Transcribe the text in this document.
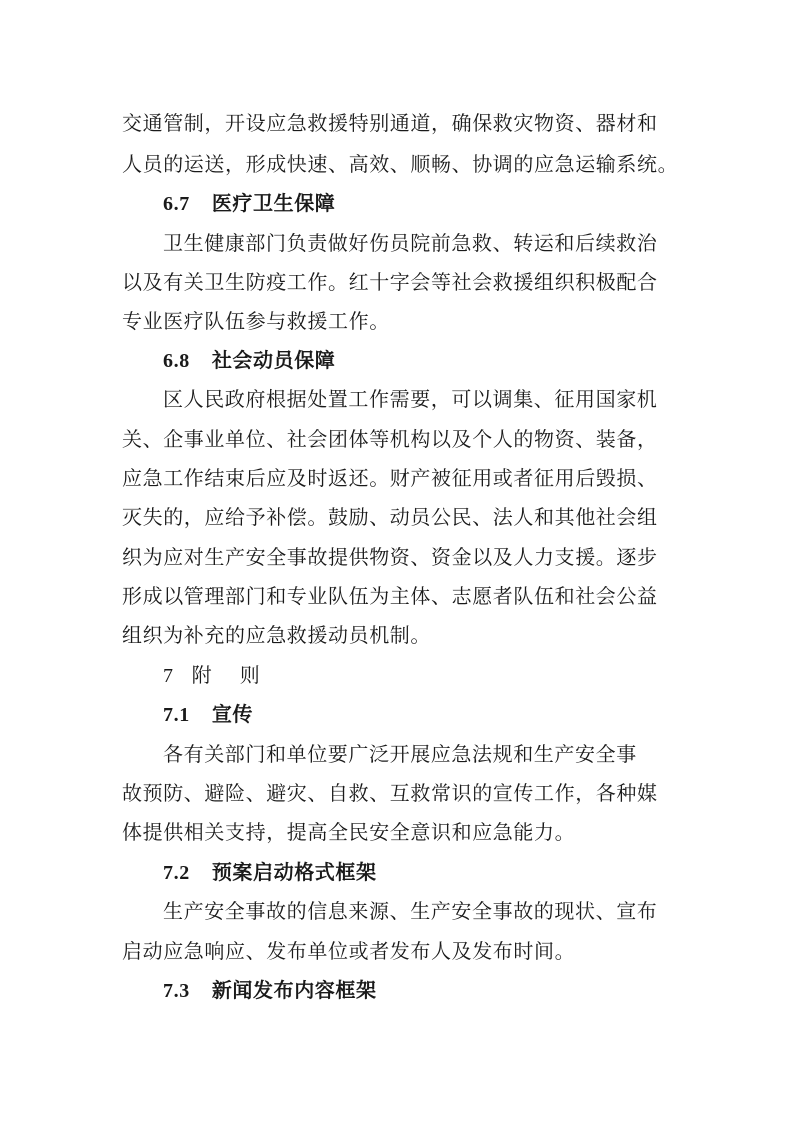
交通管制，开设应急救援特别通道，确保救灾物资、器材和
人员的运送，形成快速、高效、顺畅、协调的应急运输系统。
6.7 医疗卫生保障
卫生健康部门负责做好伤员院前急救、转运和后续救治
以及有关卫生防疫工作。红十字会等社会救援组织积极配合
专业医疗队伍参与救援工作。
6.8 社会动员保障
区人民政府根据处置工作需要，可以调集、征用国家机
关、企事业单位、社会团体等机构以及个人的物资、装备，
应急工作结束后应及时返还。财产被征用或者征用后毁损、
灭失的，应给予补偿。鼓励、动员公民、法人和其他社会组
织为应对生产安全事故提供物资、资金以及人力支援。逐步
形成以管理部门和专业队伍为主体、志愿者队伍和社会公益
组织为补充的应急救援动员机制。
7 附　 则
7.1 宣传
各有关部门和单位要广泛开展应急法规和生产安全事
故预防、避险、避灾、自救、互救常识的宣传工作，各种媒
体提供相关支持，提高全民安全意识和应急能力。
7.2 预案启动格式框架
生产安全事故的信息来源、生产安全事故的现状、宣布
启动应急响应、发布单位或者发布人及发布时间。
7.3 新闻发布内容框架
